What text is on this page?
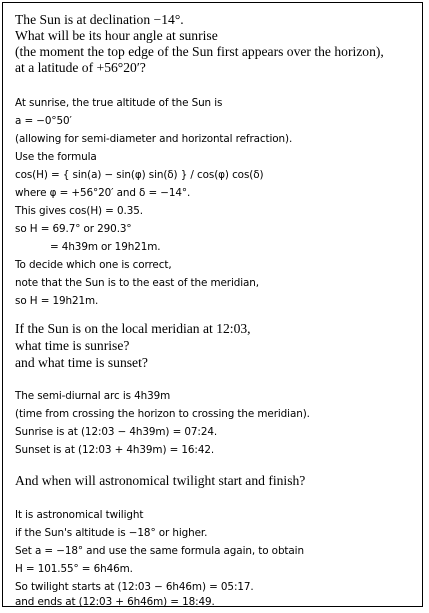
The Sun is at declination −14°.
What will be its hour angle at sunrise
(the moment the top edge of the Sun first appears over the horizon),
at a latitude of +56°20′?
At sunrise, the true altitude of the Sun is
a = −0°50′
(allowing for semi-diameter and horizontal refraction).
Use the formula
cos(H) = { sin(a) − sin(φ) sin(δ) } / cos(φ) cos(δ)
where φ = +56°20′ and δ = −14°.
This gives cos(H) = 0.35.
so H = 69.7° or 290.3°
= 4h39m or 19h21m.
To decide which one is correct,
note that the Sun is to the east of the meridian,
so H = 19h21m.
If the Sun is on the local meridian at 12:03,
what time is sunrise?
and what time is sunset?
The semi-diurnal arc is 4h39m
(time from crossing the horizon to crossing the meridian).
Sunrise is at (12:03 − 4h39m) = 07:24.
Sunset is at (12:03 + 4h39m) = 16:42.
And when will astronomical twilight start and finish?
It is astronomical twilight
if the Sun's altitude is −18° or higher.
Set a = −18° and use the same formula again, to obtain
H = 101.55° = 6h46m.
So twilight starts at (12:03 − 6h46m) = 05:17.
and ends at (12:03 + 6h46m) = 18:49.
